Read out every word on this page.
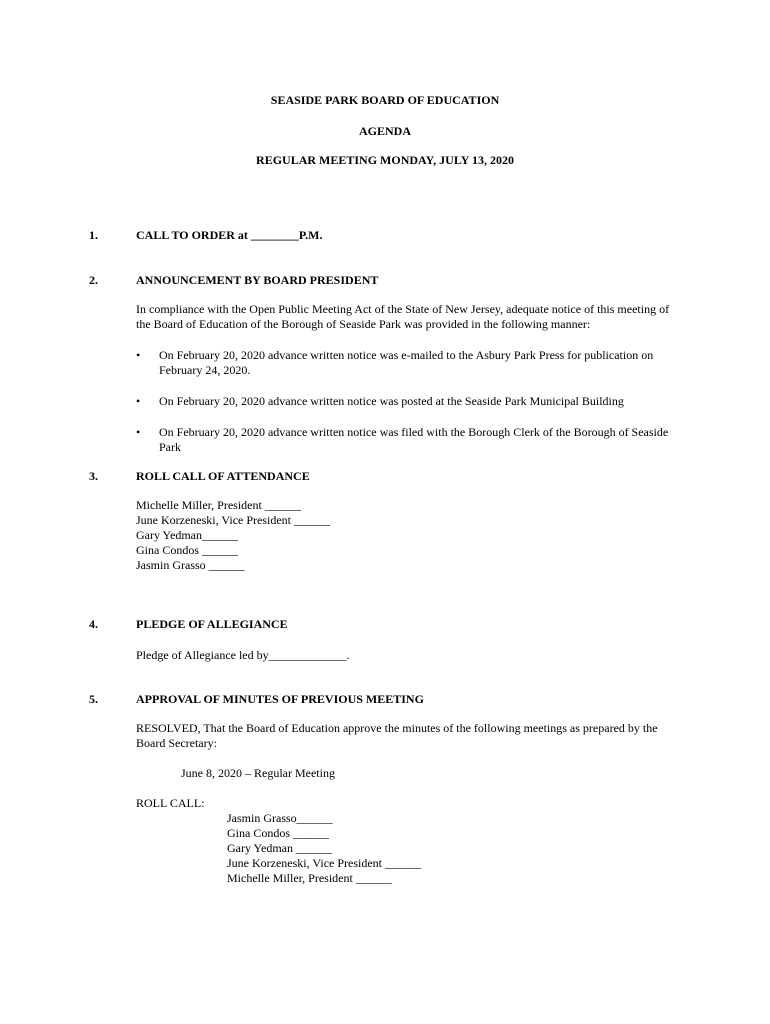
SEASIDE PARK BOARD OF EDUCATION
AGENDA
REGULAR MEETING MONDAY, JULY 13, 2020
1.	CALL TO ORDER at ________P.M.
2.	ANNOUNCEMENT BY BOARD PRESIDENT
In compliance with the Open Public Meeting Act of the State of New Jersey, adequate notice of this meeting of the Board of Education of the Borough of Seaside Park was provided in the following manner:
• On February 20, 2020 advance written notice was e-mailed to the Asbury Park Press for publication on February 24, 2020.
• On February 20, 2020 advance written notice was posted at the Seaside Park Municipal Building
• On February 20, 2020 advance written notice was filed with the Borough Clerk of the Borough of Seaside Park
3.	ROLL CALL OF ATTENDANCE
Michelle Miller, President ______
June Korzeneski, Vice President ______
Gary Yedman______
Gina Condos ______
Jasmin Grasso ______
4.	PLEDGE OF ALLEGIANCE
Pledge of Allegiance led by_____________.
5.	APPROVAL OF MINUTES OF PREVIOUS MEETING
RESOLVED, That the Board of Education approve the minutes of the following meetings as prepared by the Board Secretary:
June 8, 2020 – Regular Meeting
ROLL CALL:
Jasmin Grasso______
Gina Condos ______
Gary Yedman ______
June Korzeneski, Vice President ______
Michelle Miller, President ______
